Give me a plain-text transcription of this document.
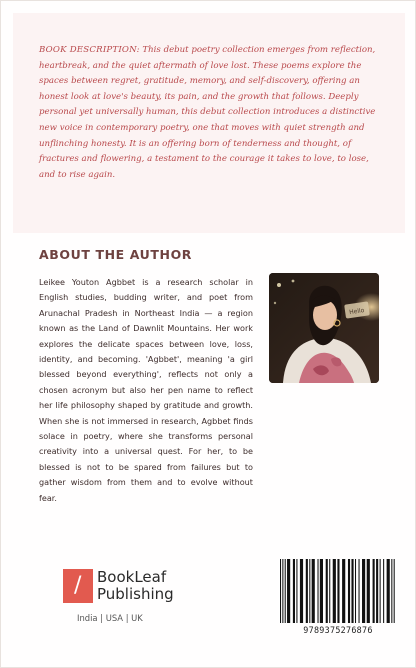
BOOK DESCRIPTION: This debut poetry collection emerges from reflection, heartbreak, and the quiet aftermath of love lost. These poems explore the spaces between regret, gratitude, memory, and self-discovery, offering an honest look at love's beauty, its pain, and the growth that follows. Deeply personal yet universally human, this debut collection introduces a distinctive new voice in contemporary poetry, one that moves with quiet strength and unflinching honesty. It is an offering born of tenderness and thought, of fractures and flowering, a testament to the courage it takes to love, to lose, and to rise again.

ABOUT THE AUTHOR

Leikee Youton Agbbet is a research scholar in English studies, budding writer, and poet from Arunachal Pradesh in Northeast India — a region known as the Land of Dawnlit Mountains. Her work explores the delicate spaces between love, loss, identity, and becoming. 'Agbbet', meaning 'a girl blessed beyond everything', reflects not only a chosen acronym but also her pen name to reflect her life philosophy shaped by gratitude and growth. When she is not immersed in research, Agbbet finds solace in poetry, where she transforms personal creativity into a universal quest. For her, to be blessed is not to be spared from failures but to gather wisdom from them and to evolve without fear.

Hello
/ BookLeaf
Publishing
India | USA | UK
9789375276876
